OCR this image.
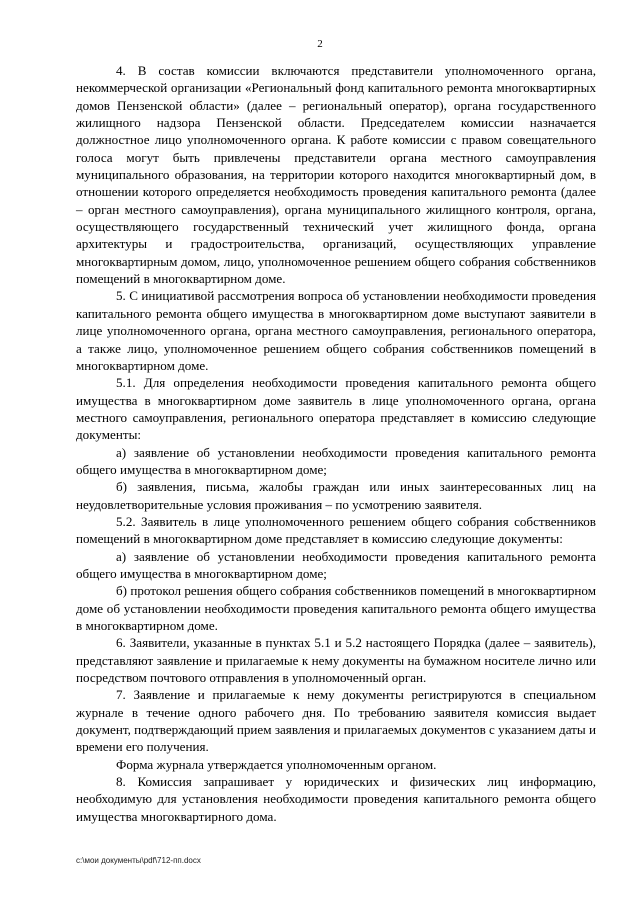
2

4. В состав комиссии включаются представители уполномоченного органа, некоммерческой организации «Региональный фонд капитального ремонта многоквартирных домов Пензенской области» (далее – региональный оператор), органа государственного жилищного надзора Пензенской области. Председателем комиссии назначается должностное лицо уполномоченного органа. К работе комиссии с правом совещательного голоса могут быть привлечены представители органа местного самоуправления муниципального образования, на территории которого находится многоквартирный дом, в отношении которого определяется необходимость проведения капитального ремонта (далее – орган местного самоуправления), органа муниципального жилищного контроля, органа, осуществляющего государственный технический учет жилищного фонда, органа архитектуры и градостроительства, организаций, осуществляющих управление многоквартирным домом, лицо, уполномоченное решением общего собрания собственников помещений в многоквартирном доме.

5. С инициативой рассмотрения вопроса об установлении необходимости проведения капитального ремонта общего имущества в многоквартирном доме выступают заявители в лице уполномоченного органа, органа местного самоуправления, регионального оператора, а также лицо, уполномоченное решением общего собрания собственников помещений в многоквартирном доме.

5.1. Для определения необходимости проведения капитального ремонта общего имущества в многоквартирном доме заявитель в лице уполномоченного органа, органа местного самоуправления, регионального оператора представляет в комиссию следующие документы:

а) заявление об установлении необходимости проведения капитального ремонта общего имущества в многоквартирном доме;

б) заявления, письма, жалобы граждан или иных заинтересованных лиц на неудовлетворительные условия проживания – по усмотрению заявителя.

5.2. Заявитель в лице уполномоченного решением общего собрания собственников помещений в многоквартирном доме представляет в комиссию следующие документы:

а) заявление об установлении необходимости проведения капитального ремонта общего имущества в многоквартирном доме;

б) протокол решения общего собрания собственников помещений в многоквартирном доме об установлении необходимости проведения капитального ремонта общего имущества в многоквартирном доме.

6. Заявители, указанные в пунктах 5.1 и 5.2 настоящего Порядка (далее – заявитель), представляют заявление и прилагаемые к нему документы на бумажном носителе лично или посредством почтового отправления в уполномоченный орган.

7. Заявление и прилагаемые к нему документы регистрируются в специальном журнале в течение одного рабочего дня. По требованию заявителя комиссия выдает документ, подтверждающий прием заявления и прилагаемых документов с указанием даты и времени его получения.

Форма журнала утверждается уполномоченным органом.

8. Комиссия запрашивает у юридических и физических лиц информацию, необходимую для установления необходимости проведения капитального ремонта общего имущества многоквартирного дома.

c:\мои документы\pdf\712-пп.docx
